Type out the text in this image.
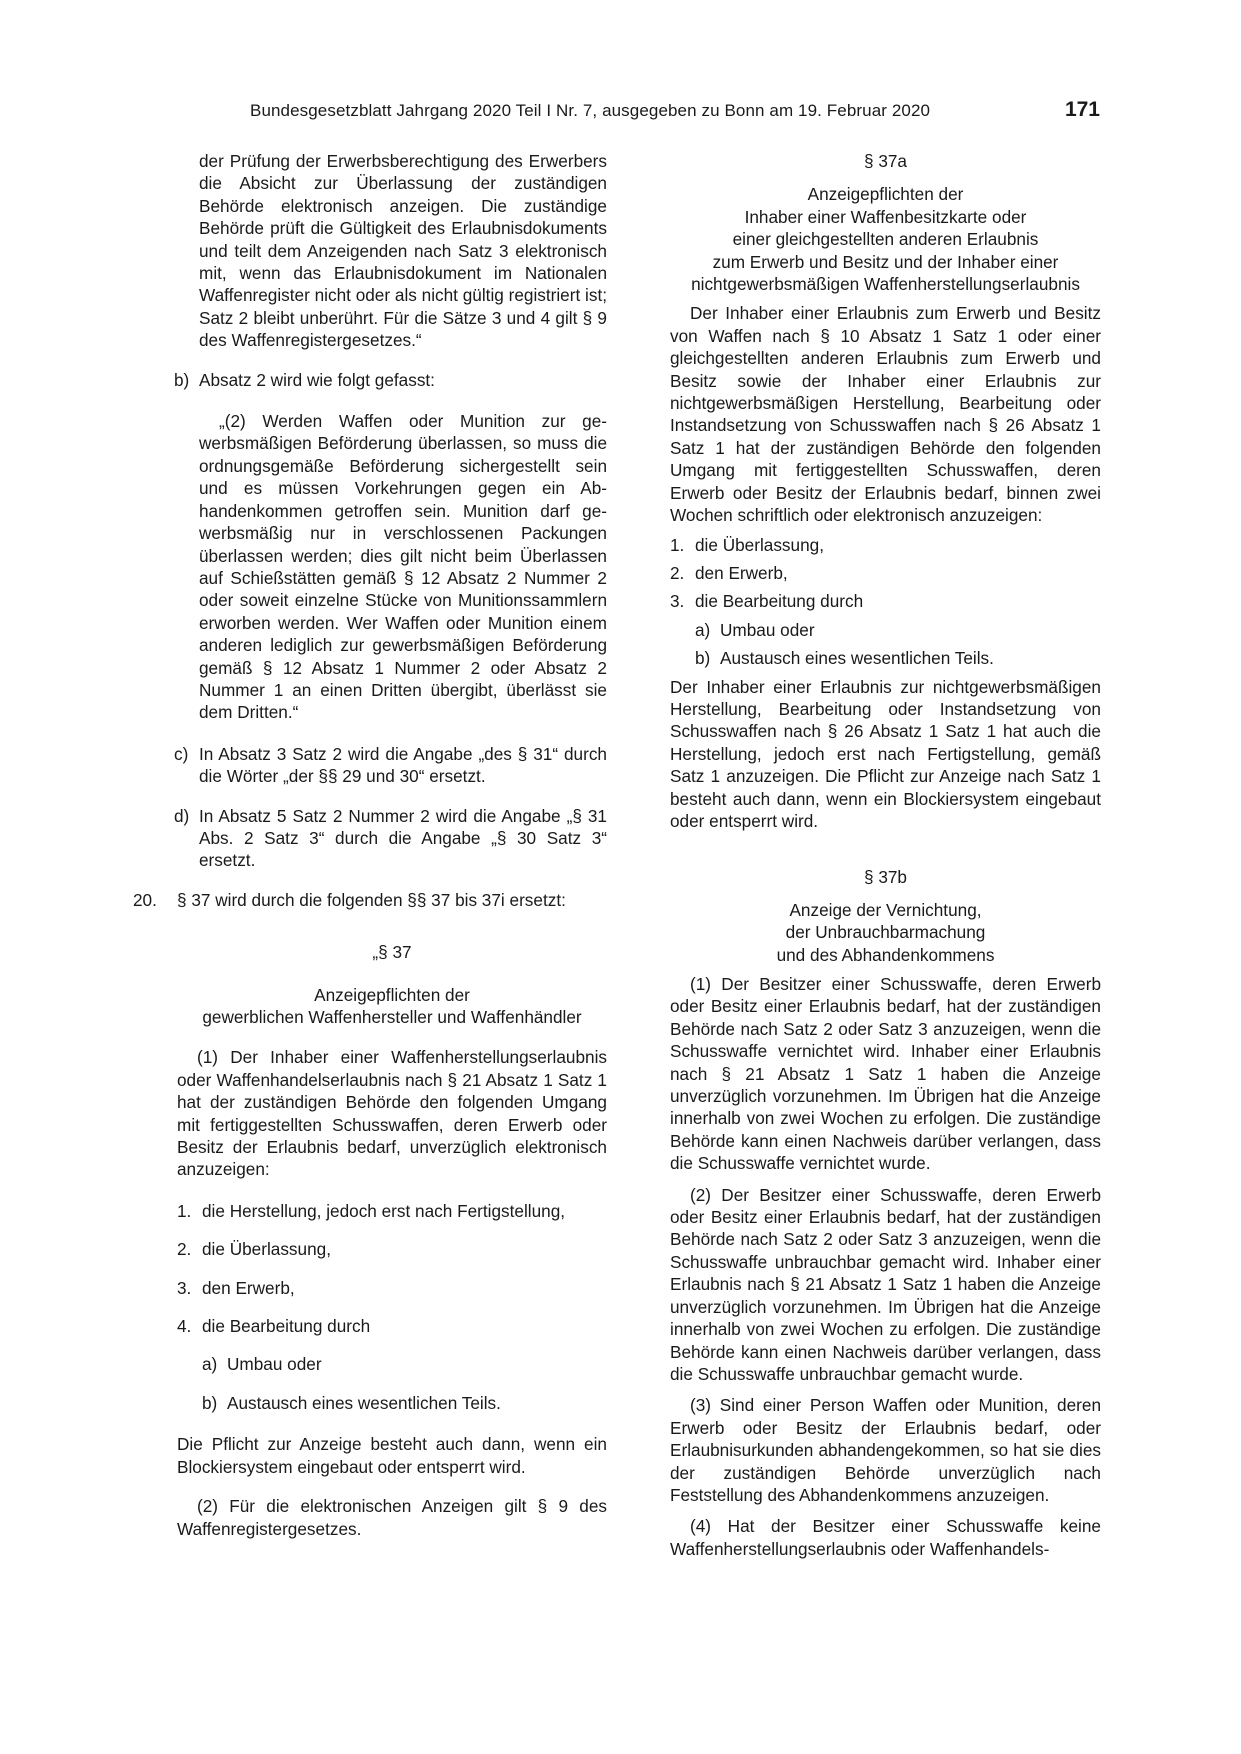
Bundesgesetzblatt Jahrgang 2020 Teil I Nr. 7, ausgegeben zu Bonn am 19. Februar 2020	171

der Prüfung der Erwerbsberechtigung des Erwerbers die Absicht zur Überlassung der zuständigen Behörde elektronisch anzeigen. Die zuständige Behörde prüft die Gültigkeit des Erlaubnisdokuments und teilt dem Anzeigenden nach Satz 3 elektronisch mit, wenn das Erlaubnisdokument im Nationalen Waffenregister nicht oder als nicht gültig registriert ist; Satz 2 bleibt unberührt. Für die Sätze 3 und 4 gilt § 9 des Waffenregistergesetzes.“

b) Absatz 2 wird wie folgt gefasst:

„(2) Werden Waffen oder Munition zur gewerbsmäßigen Beförderung überlassen, so muss die ordnungsgemäße Beförderung sichergestellt sein und es müssen Vorkehrungen gegen ein Abhandenkommen getroffen sein. Munition darf gewerbsmäßig nur in verschlossenen Packungen überlassen werden; dies gilt nicht beim Überlassen auf Schießstätten gemäß § 12 Absatz 2 Nummer 2 oder soweit einzelne Stücke von Munitionssammlern erworben werden. Wer Waffen oder Munition einem anderen lediglich zur gewerbsmäßigen Beförderung gemäß § 12 Absatz 1 Nummer 2 oder Absatz 2 Nummer 1 an einen Dritten übergibt, überlässt sie dem Dritten.“

c) In Absatz 3 Satz 2 wird die Angabe „des § 31“ durch die Wörter „der §§ 29 und 30“ ersetzt.

d) In Absatz 5 Satz 2 Nummer 2 wird die Angabe „§ 31 Abs. 2 Satz 3“ durch die Angabe „§ 30 Satz 3“ ersetzt.

20. § 37 wird durch die folgenden §§ 37 bis 37i ersetzt:

„§ 37

Anzeigepflichten der

gewerblichen Waffenhersteller und Waffenhändler

(1) Der Inhaber einer Waffenherstellungserlaubnis oder Waffenhandelserlaubnis nach § 21 Absatz 1 Satz 1 hat der zuständigen Behörde den folgenden Umgang mit fertiggestellten Schusswaffen, deren Erwerb oder Besitz der Erlaubnis bedarf, unverzüglich elektronisch anzuzeigen:

1. die Herstellung, jedoch erst nach Fertigstellung,

2. die Überlassung,

3. den Erwerb,

4. die Bearbeitung durch

a) Umbau oder

b) Austausch eines wesentlichen Teils.

Die Pflicht zur Anzeige besteht auch dann, wenn ein Blockiersystem eingebaut oder entsperrt wird.

(2) Für die elektronischen Anzeigen gilt § 9 des Waffenregistergesetzes.

§ 37a

Anzeigepflichten der

Inhaber einer Waffenbesitzkarte oder

einer gleichgestellten anderen Erlaubnis

zum Erwerb und Besitz und der Inhaber einer

nichtgewerbsmäßigen Waffenherstellungserlaubnis

Der Inhaber einer Erlaubnis zum Erwerb und Besitz von Waffen nach § 10 Absatz 1 Satz 1 oder einer gleichgestellten anderen Erlaubnis zum Erwerb und Besitz sowie der Inhaber einer Erlaubnis zur nichtgewerbsmäßigen Herstellung, Bearbeitung oder Instandsetzung von Schusswaffen nach § 26 Absatz 1 Satz 1 hat der zuständigen Behörde den folgenden Umgang mit fertiggestellten Schusswaffen, deren Erwerb oder Besitz der Erlaubnis bedarf, binnen zwei Wochen schriftlich oder elektronisch anzuzeigen:

1. die Überlassung,

2. den Erwerb,

3. die Bearbeitung durch

a) Umbau oder

b) Austausch eines wesentlichen Teils.

Der Inhaber einer Erlaubnis zur nichtgewerbsmäßigen Herstellung, Bearbeitung oder Instandsetzung von Schusswaffen nach § 26 Absatz 1 Satz 1 hat auch die Herstellung, jedoch erst nach Fertigstellung, gemäß Satz 1 anzuzeigen. Die Pflicht zur Anzeige nach Satz 1 besteht auch dann, wenn ein Blockiersystem eingebaut oder entsperrt wird.

§ 37b

Anzeige der Vernichtung,

der Unbrauchbarmachung

und des Abhandenkommens

(1) Der Besitzer einer Schusswaffe, deren Erwerb oder Besitz einer Erlaubnis bedarf, hat der zuständigen Behörde nach Satz 2 oder Satz 3 anzuzeigen, wenn die Schusswaffe vernichtet wird. Inhaber einer Erlaubnis nach § 21 Absatz 1 Satz 1 haben die Anzeige unverzüglich vorzunehmen. Im Übrigen hat die Anzeige innerhalb von zwei Wochen zu erfolgen. Die zuständige Behörde kann einen Nachweis darüber verlangen, dass die Schusswaffe vernichtet wurde.

(2) Der Besitzer einer Schusswaffe, deren Erwerb oder Besitz einer Erlaubnis bedarf, hat der zuständigen Behörde nach Satz 2 oder Satz 3 anzuzeigen, wenn die Schusswaffe unbrauchbar gemacht wird. Inhaber einer Erlaubnis nach § 21 Absatz 1 Satz 1 haben die Anzeige unverzüglich vorzunehmen. Im Übrigen hat die Anzeige innerhalb von zwei Wochen zu erfolgen. Die zuständige Behörde kann einen Nachweis darüber verlangen, dass die Schusswaffe unbrauchbar gemacht wurde.

(3) Sind einer Person Waffen oder Munition, deren Erwerb oder Besitz der Erlaubnis bedarf, oder Erlaubnisurkunden abhandengekommen, so hat sie dies der zuständigen Behörde unverzüglich nach Feststellung des Abhandenkommens anzuzeigen.

(4) Hat der Besitzer einer Schusswaffe keine Waffenherstellungserlaubnis oder Waffenhandels-
